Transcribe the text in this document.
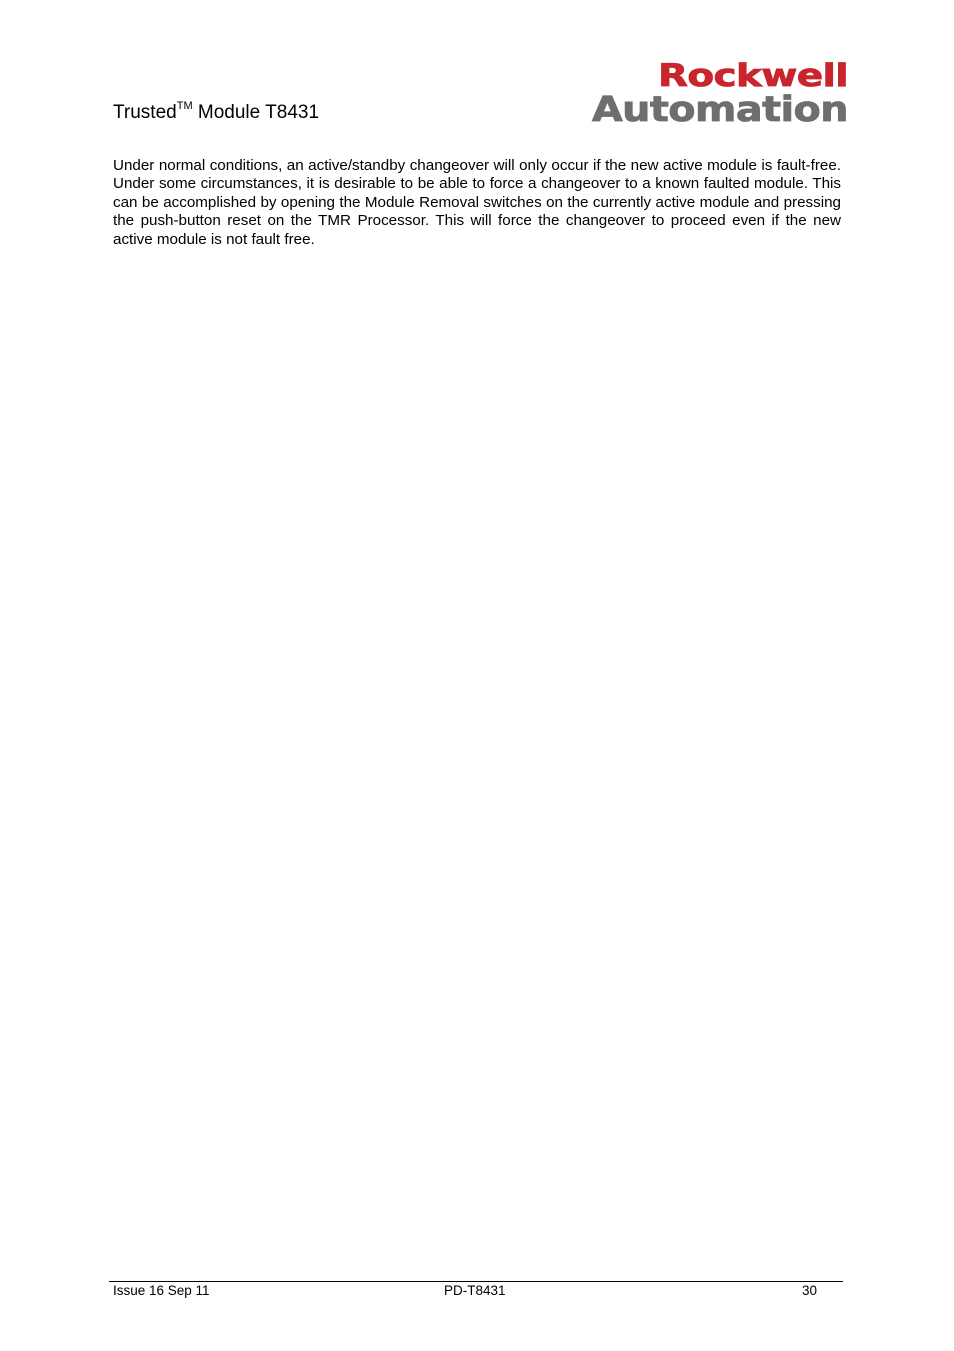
Trusted™ Module T8431
Rockwell
Automation

Under normal conditions, an active/standby changeover will only occur if the new active module is fault-free. Under some circumstances, it is desirable to be able to force a changeover to a known faulted module. This can be accomplished by opening the Module Removal switches on the currently active module and pressing the push-button reset on the TMR Processor. This will force the changeover to proceed even if the new active module is not fault free.

Issue 16 Sep 11	PD-T8431	30
